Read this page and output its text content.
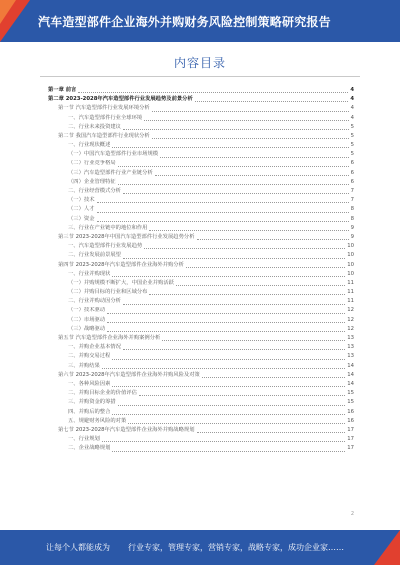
汽车造型部件企业海外并购财务风险控制策略研究报告
内容目录
第一章 前言	4
第二章 2023-2028年汽车造型部件行业发展趋势及前景分析	4
第一节 汽车造型部件行业发展环境分析	4
一、汽车造型部件行业全球环境	4
二、行业未来投资建议	5
第二节 我国汽车造型部件行业现状分析	5
一、行业现状概述	5
（一）中国汽车造型部件行业市场规模	5
（二）行业竞争格局	6
（三）汽车造型部件行业产业链分析	6
（四）企业管理特征	6
二、行业经营模式分析	7
（一）技术	7
（二）人才	8
（三）资金	8
三、行业在产业链中的地位和作用	9
第三节 2023-2028年中国汽车造型部件行业发展趋势分析	9
一、汽车造型部件行业发展趋势	10
二、行业发展前景展望	10
第四节 2023-2028年汽车造型部件企业海外并购分析	10
一、行业并购现状	10
（一）并购规模不断扩大，中国企业并购活跃	11
（二）并购目标的行业和区域分布	11
二、行业并购动因分析	11
（一）技术驱动	12
（二）市场驱动	12
（三）战略驱动	12
第五节 汽车造型部件企业海外并购案例分析	13
一、并购企业基本情况	13
二、并购交易过程	13
三、并购结果	14
第六节 2023-2028年汽车造型部件企业海外并购风险及对策	14
一、各种风险因素	14
二、并购目标企业的价值评估	15
三、并购资金的筹措	15
四、并购后的整合	16
五、规避财务风险的对策	16
第七节 2023-2028年汽车造型部件企业海外并购战略规划	17
一、行业规划	17
二、企业战略规划	17
2
让每个人都能成为 行业专家，管理专家，营销专家，战略专家，成功企业家……
